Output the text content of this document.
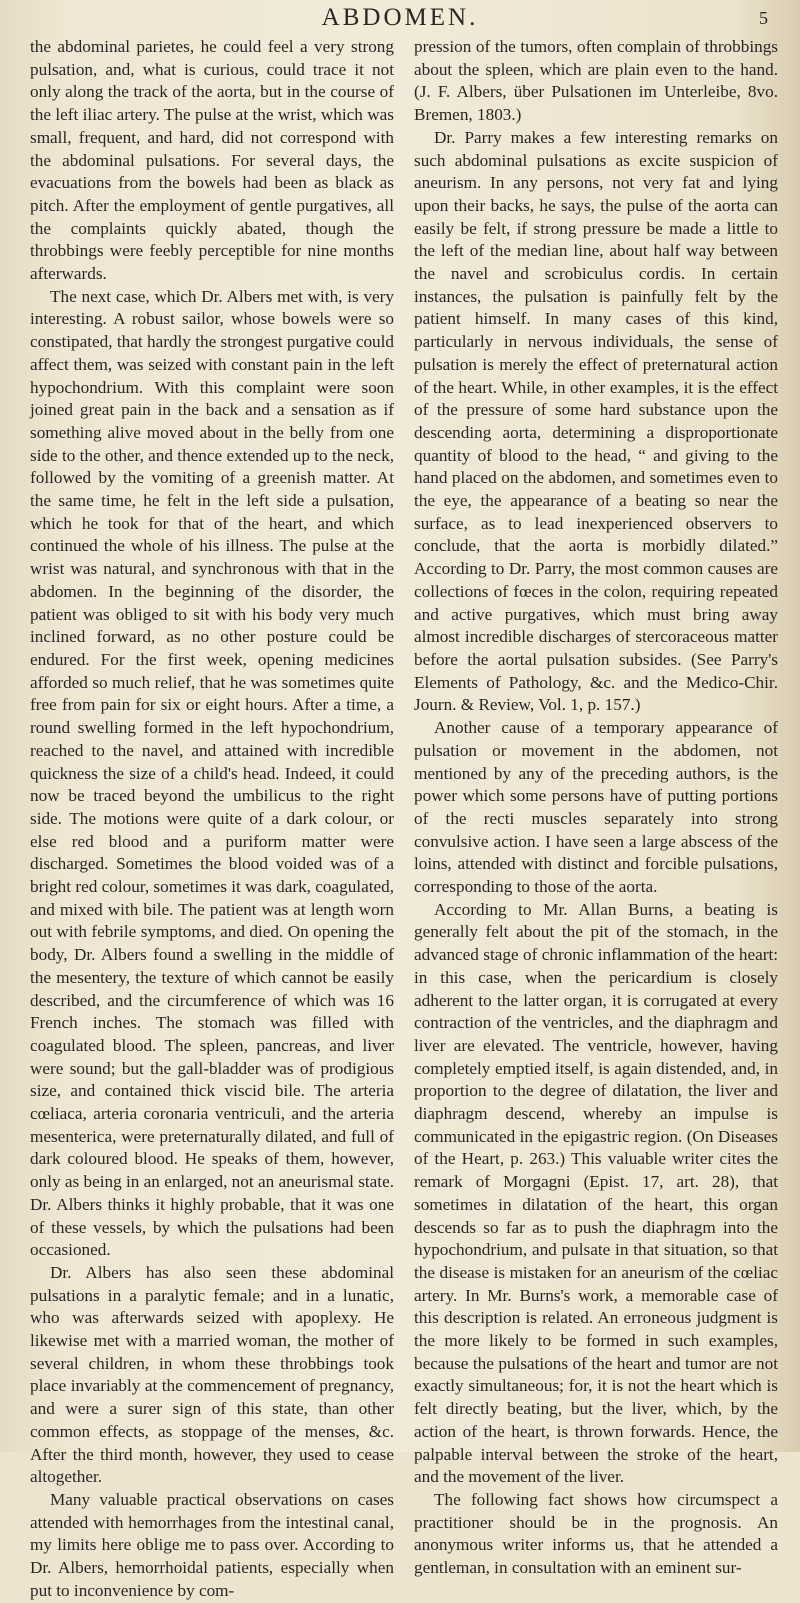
ABDOMEN.	5

the abdominal parietes, he could feel a very strong pulsation, and, what is curious, could trace it not only along the track of the aorta, but in the course of the left iliac artery. The pulse at the wrist, which was small, frequent, and hard, did not correspond with the abdominal pulsations. For several days, the evacuations from the bowels had been as black as pitch. After the employment of gentle purgatives, all the complaints quickly abated, though the throbbings were feebly perceptible for nine months afterwards.

The next case, which Dr. Albers met with, is very interesting. A robust sailor, whose bowels were so constipated, that hardly the strongest purgative could affect them, was seized with constant pain in the left hypochondrium. With this complaint were soon joined great pain in the back and a sensation as if something alive moved about in the belly from one side to the other, and thence extended up to the neck, followed by the vomiting of a greenish matter. At the same time, he felt in the left side a pulsation, which he took for that of the heart, and which continued the whole of his illness. The pulse at the wrist was natural, and synchronous with that in the abdomen. In the beginning of the disorder, the patient was obliged to sit with his body very much inclined forward, as no other posture could be endured. For the first week, opening medicines afforded so much relief, that he was sometimes quite free from pain for six or eight hours. After a time, a round swelling formed in the left hypochondrium, reached to the navel, and attained with incredible quickness the size of a child's head. Indeed, it could now be traced beyond the umbilicus to the right side. The motions were quite of a dark colour, or else red blood and a puriform matter were discharged. Sometimes the blood voided was of a bright red colour, sometimes it was dark, coagulated, and mixed with bile. The patient was at length worn out with febrile symptoms, and died. On opening the body, Dr. Albers found a swelling in the middle of the mesentery, the texture of which cannot be easily described, and the circumference of which was 16 French inches. The stomach was filled with coagulated blood. The spleen, pancreas, and liver were sound; but the gall-bladder was of prodigious size, and contained thick viscid bile. The arteria cœliaca, arteria coronaria ventriculi, and the arteria mesenterica, were preternaturally dilated, and full of dark coloured blood. He speaks of them, however, only as being in an enlarged, not an aneurismal state. Dr. Albers thinks it highly probable, that it was one of these vessels, by which the pulsations had been occasioned.

Dr. Albers has also seen these abdominal pulsations in a paralytic female; and in a lunatic, who was afterwards seized with apoplexy. He likewise met with a married woman, the mother of several children, in whom these throbbings took place invariably at the commencement of pregnancy, and were a surer sign of this state, than other common effects, as stoppage of the menses, &c. After the third month, however, they used to cease altogether.

Many valuable practical observations on cases attended with hemorrhages from the intestinal canal, my limits here oblige me to pass over. According to Dr. Albers, hemorrhoidal patients, especially when put to inconvenience by com-

pression of the tumors, often complain of throbbings about the spleen, which are plain even to the hand. (J. F. Albers, über Pulsationen im Unterleibe, 8vo. Bremen, 1803.)

Dr. Parry makes a few interesting remarks on such abdominal pulsations as excite suspicion of aneurism. In any persons, not very fat and lying upon their backs, he says, the pulse of the aorta can easily be felt, if strong pressure be made a little to the left of the median line, about half way between the navel and scrobiculus cordis. In certain instances, the pulsation is painfully felt by the patient himself. In many cases of this kind, particularly in nervous individuals, the sense of pulsation is merely the effect of preternatural action of the heart. While, in other examples, it is the effect of the pressure of some hard substance upon the descending aorta, determining a disproportionate quantity of blood to the head, “ and giving to the hand placed on the abdomen, and sometimes even to the eye, the appearance of a beating so near the surface, as to lead inexperienced observers to conclude, that the aorta is morbidly dilated.” According to Dr. Parry, the most common causes are collections of fœces in the colon, requiring repeated and active purgatives, which must bring away almost incredible discharges of stercoraceous matter before the aortal pulsation subsides. (See Parry's Elements of Pathology, &c. and the Medico-Chir. Journ. & Review, Vol. 1, p. 157.)

Another cause of a temporary appearance of pulsation or movement in the abdomen, not mentioned by any of the preceding authors, is the power which some persons have of putting portions of the recti muscles separately into strong convulsive action. I have seen a large abscess of the loins, attended with distinct and forcible pulsations, corresponding to those of the aorta.

According to Mr. Allan Burns, a beating is generally felt about the pit of the stomach, in the advanced stage of chronic inflammation of the heart: in this case, when the pericardium is closely adherent to the latter organ, it is corrugated at every contraction of the ventricles, and the diaphragm and liver are elevated. The ventricle, however, having completely emptied itself, is again distended, and, in proportion to the degree of dilatation, the liver and diaphragm descend, whereby an impulse is communicated in the epigastric region. (On Diseases of the Heart, p. 263.) This valuable writer cites the remark of Morgagni (Epist. 17, art. 28), that sometimes in dilatation of the heart, this organ descends so far as to push the diaphragm into the hypochondrium, and pulsate in that situation, so that the disease is mistaken for an aneurism of the cœliac artery. In Mr. Burns's work, a memorable case of this description is related. An erroneous judgment is the more likely to be formed in such examples, because the pulsations of the heart and tumor are not exactly simultaneous; for, it is not the heart which is felt directly beating, but the liver, which, by the action of the heart, is thrown forwards. Hence, the palpable interval between the stroke of the heart, and the movement of the liver.

The following fact shows how circumspect a practitioner should be in the prognosis. An anonymous writer informs us, that he attended a gentleman, in consultation with an eminent sur-
